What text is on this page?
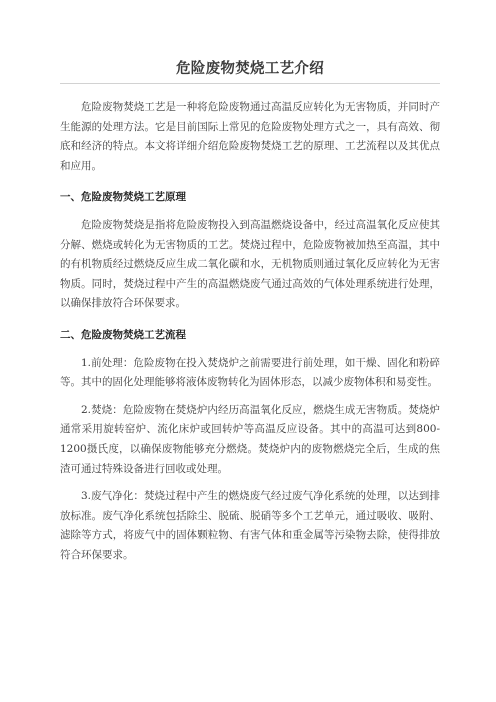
危险废物焚烧工艺介绍

危险废物焚烧工艺是一种将危险废物通过高温反应转化为无害物质，并同时产生能源的处理方法。它是目前国际上常见的危险废物处理方式之一，具有高效、彻底和经济的特点。本文将详细介绍危险废物焚烧工艺的原理、工艺流程以及其优点和应用。

一、危险废物焚烧工艺原理

危险废物焚烧是指将危险废物投入到高温燃烧设备中，经过高温氧化反应使其分解、燃烧或转化为无害物质的工艺。焚烧过程中，危险废物被加热至高温，其中的有机物质经过燃烧反应生成二氧化碳和水，无机物质则通过氧化反应转化为无害物质。同时，焚烧过程中产生的高温燃烧废气通过高效的气体处理系统进行处理，以确保排放符合环保要求。

二、危险废物焚烧工艺流程

1.前处理：危险废物在投入焚烧炉之前需要进行前处理，如干燥、固化和粉碎等。其中的固化处理能够将液体废物转化为固体形态，以减少废物体积和易变性。

2.焚烧：危险废物在焚烧炉内经历高温氧化反应，燃烧生成无害物质。焚烧炉通常采用旋转窑炉、流化床炉或回转炉等高温反应设备。其中的高温可达到800-1200摄氏度，以确保废物能够充分燃烧。焚烧炉内的废物燃烧完全后，生成的焦渣可通过特殊设备进行回收或处理。

3.废气净化：焚烧过程中产生的燃烧废气经过废气净化系统的处理，以达到排放标准。废气净化系统包括除尘、脱硫、脱硝等多个工艺单元，通过吸收、吸附、滤除等方式，将废气中的固体颗粒物、有害气体和重金属等污染物去除，使得排放符合环保要求。
